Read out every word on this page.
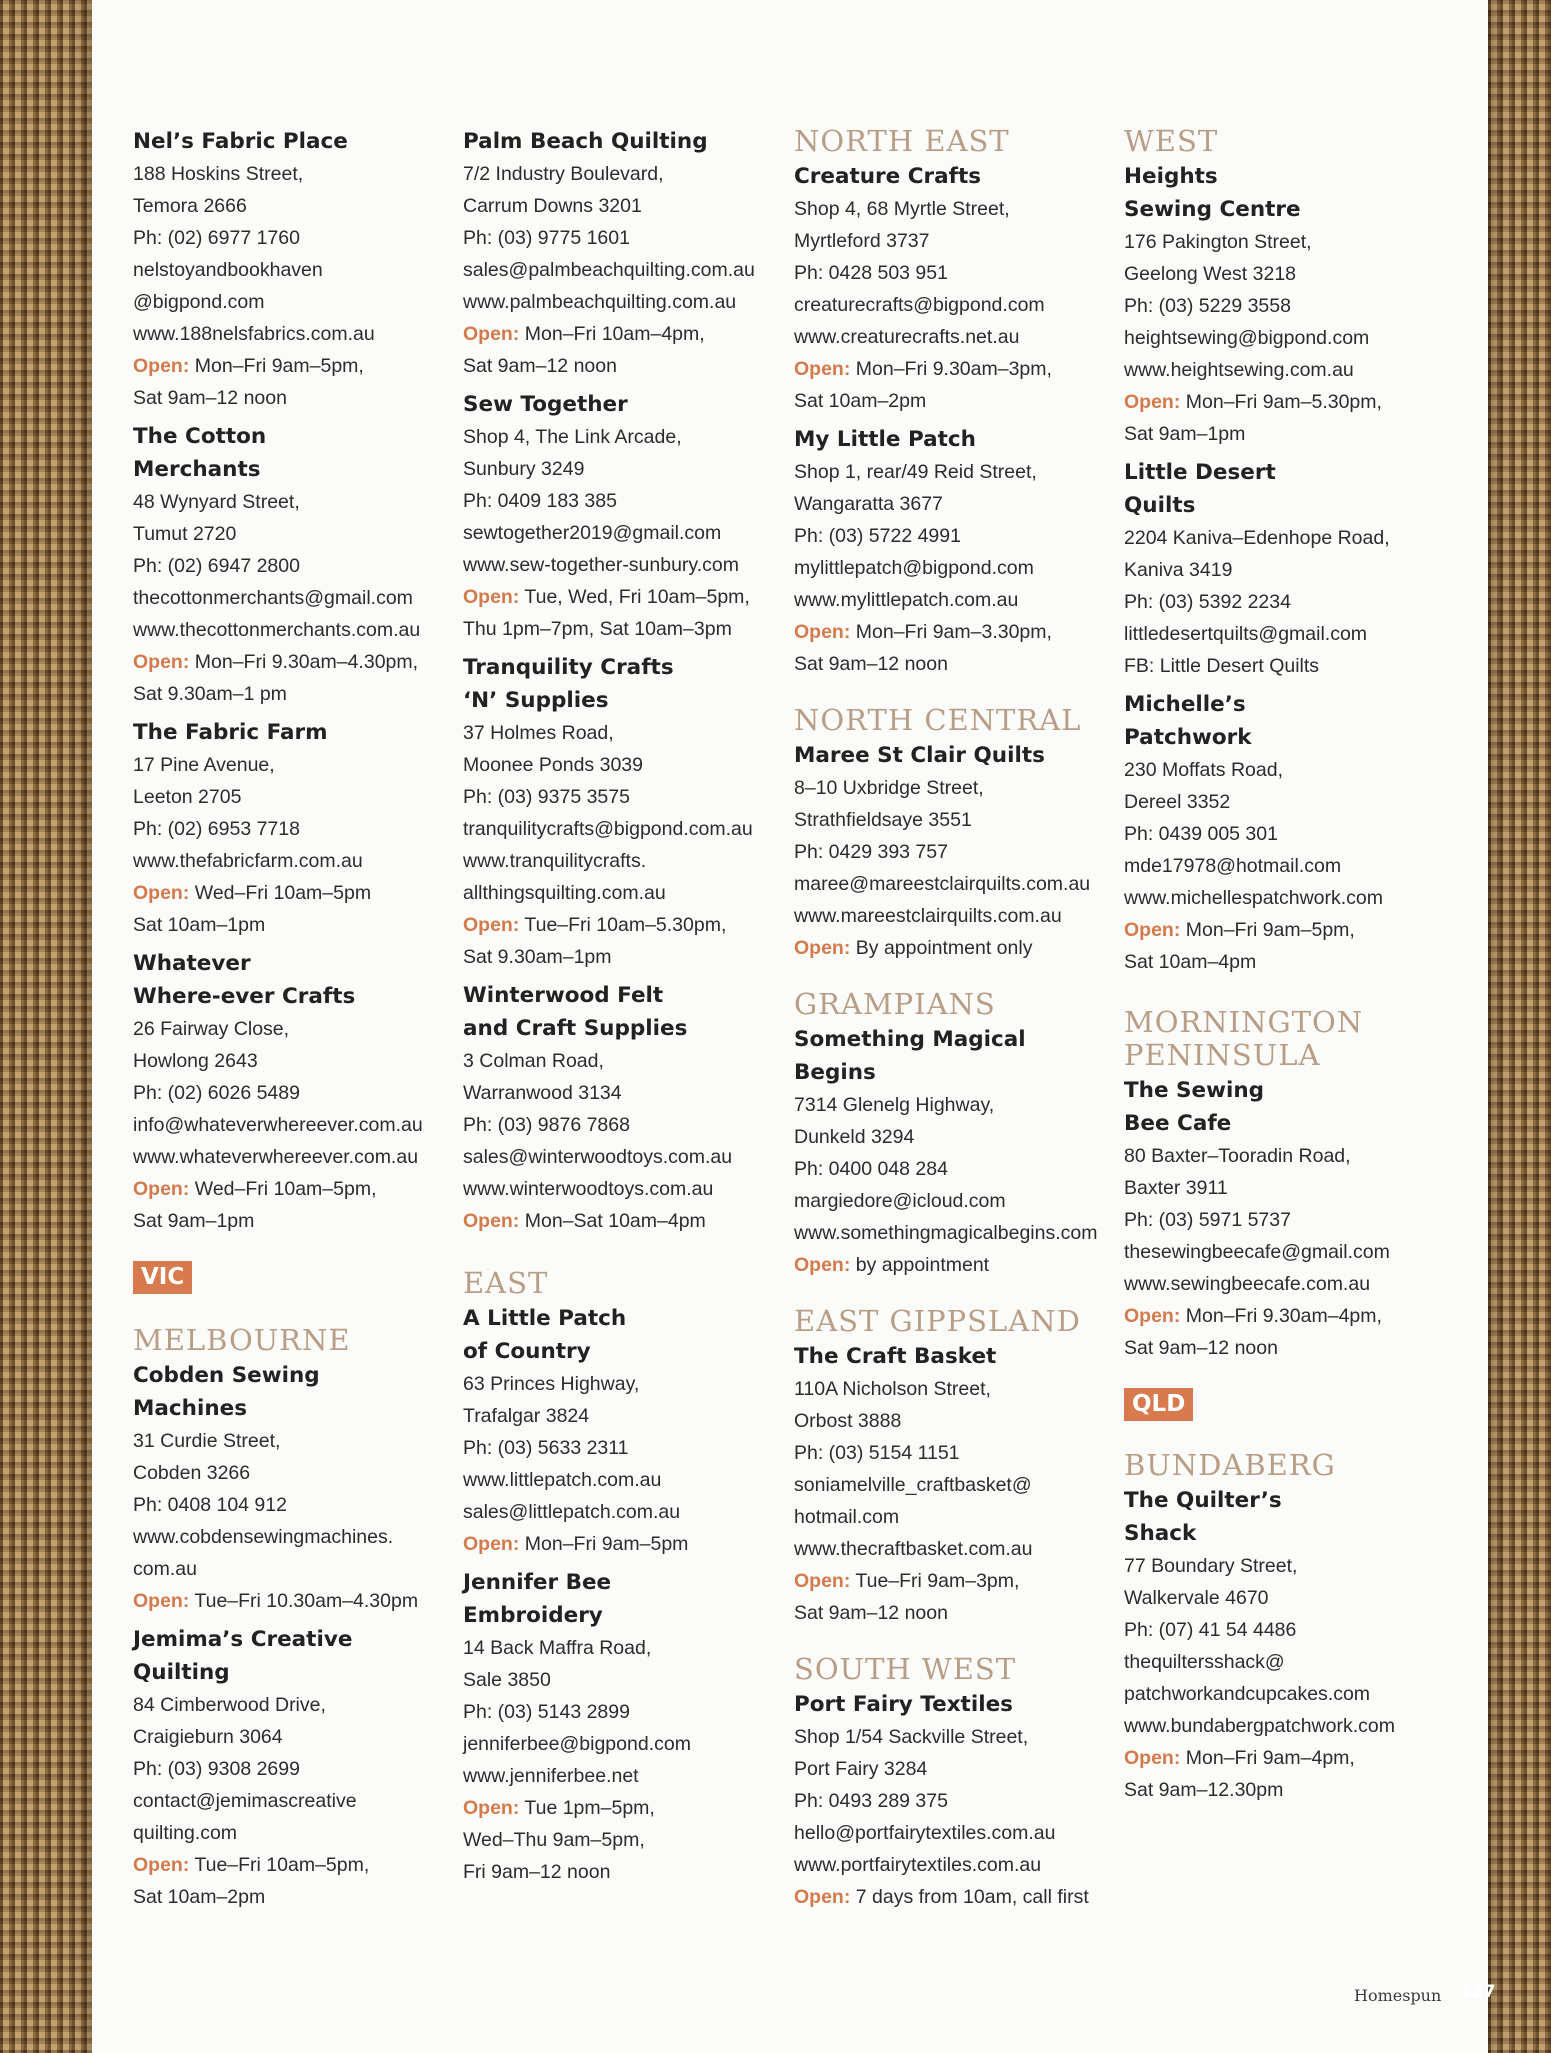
Nel’s Fabric Place
188 Hoskins Street,
Temora 2666
Ph: (02) 6977 1760
nelstoyandbookhaven
@bigpond.com
www.188nelsfabrics.com.au
Open: Mon–Fri 9am–5pm,
Sat 9am–12 noon
The Cotton
Merchants
48 Wynyard Street,
Tumut 2720
Ph: (02) 6947 2800
thecottonmerchants@gmail.com
www.thecottonmerchants.com.au
Open: Mon–Fri 9.30am–4.30pm,
Sat 9.30am–1 pm
The Fabric Farm
17 Pine Avenue,
Leeton 2705
Ph: (02) 6953 7718
www.thefabricfarm.com.au
Open: Wed–Fri 10am–5pm
Sat 10am–1pm
Whatever
Where-ever Crafts
26 Fairway Close,
Howlong 2643
Ph: (02) 6026 5489
info@whateverwhereever.com.au
www.whateverwhereever.com.au
Open: Wed–Fri 10am–5pm,
Sat 9am–1pm
VIC
MELBOURNE
Cobden Sewing
Machines
31 Curdie Street,
Cobden 3266
Ph: 0408 104 912
www.cobdensewingmachines.
com.au
Open: Tue–Fri 10.30am–4.30pm
Jemima’s Creative
Quilting
84 Cimberwood Drive,
Craigieburn 3064
Ph: (03) 9308 2699
contact@jemimascreative
quilting.com
Open: Tue–Fri 10am–5pm,
Sat 10am–2pm
Palm Beach Quilting
7/2 Industry Boulevard,
Carrum Downs 3201
Ph: (03) 9775 1601
sales@palmbeachquilting.com.au
www.palmbeachquilting.com.au
Open: Mon–Fri 10am–4pm,
Sat 9am–12 noon
Sew Together
Shop 4, The Link Arcade,
Sunbury 3249
Ph: 0409 183 385
sewtogether2019@gmail.com
www.sew-together-sunbury.com
Open: Tue, Wed, Fri 10am–5pm,
Thu 1pm–7pm, Sat 10am–3pm
Tranquility Crafts
‘N’ Supplies
37 Holmes Road,
Moonee Ponds 3039
Ph: (03) 9375 3575
tranquilitycrafts@bigpond.com.au
www.tranquilitycrafts.
allthingsquilting.com.au
Open: Tue–Fri 10am–5.30pm,
Sat 9.30am–1pm
Winterwood Felt
and Craft Supplies
3 Colman Road,
Warranwood 3134
Ph: (03) 9876 7868
sales@winterwoodtoys.com.au
www.winterwoodtoys.com.au
Open: Mon–Sat 10am–4pm
EAST
A Little Patch
of Country
63 Princes Highway,
Trafalgar 3824
Ph: (03) 5633 2311
www.littlepatch.com.au
sales@littlepatch.com.au
Open: Mon–Fri 9am–5pm
Jennifer Bee
Embroidery
14 Back Maffra Road,
Sale 3850
Ph: (03) 5143 2899
jenniferbee@bigpond.com
www.jenniferbee.net
Open: Tue 1pm–5pm,
Wed–Thu 9am–5pm,
Fri 9am–12 noon
NORTH EAST
Creature Crafts
Shop 4, 68 Myrtle Street,
Myrtleford 3737
Ph: 0428 503 951
creaturecrafts@bigpond.com
www.creaturecrafts.net.au
Open: Mon–Fri 9.30am–3pm,
Sat 10am–2pm
My Little Patch
Shop 1, rear/49 Reid Street,
Wangaratta 3677
Ph: (03) 5722 4991
mylittlepatch@bigpond.com
www.mylittlepatch.com.au
Open: Mon–Fri 9am–3.30pm,
Sat 9am–12 noon
NORTH CENTRAL
Maree St Clair Quilts
8–10 Uxbridge Street,
Strathfieldsaye 3551
Ph: 0429 393 757
maree@mareestclairquilts.com.au
www.mareestclairquilts.com.au
Open: By appointment only
GRAMPIANS
Something Magical Begins
7314 Glenelg Highway,
Dunkeld 3294
Ph: 0400 048 284
margiedore@icloud.com
www.somethingmagicalbegins.com
Open: by appointment
EAST GIPPSLAND
The Craft Basket
110A Nicholson Street,
Orbost 3888
Ph: (03) 5154 1151
soniamelville_craftbasket@
hotmail.com
www.thecraftbasket.com.au
Open: Tue–Fri 9am–3pm,
Sat 9am–12 noon
SOUTH WEST
Port Fairy Textiles
Shop 1/54 Sackville Street,
Port Fairy 3284
Ph: 0493 289 375
hello@portfairytextiles.com.au
www.portfairytextiles.com.au
Open: 7 days from 10am, call first
WEST
Heights
Sewing Centre
176 Pakington Street,
Geelong West 3218
Ph: (03) 5229 3558
heightsewing@bigpond.com
www.heightsewing.com.au
Open: Mon–Fri 9am–5.30pm,
Sat 9am–1pm
Little Desert
Quilts
2204 Kaniva–Edenhope Road,
Kaniva 3419
Ph: (03) 5392 2234
littledesertquilts@gmail.com
FB: Little Desert Quilts
Michelle’s
Patchwork
230 Moffats Road,
Dereel 3352
Ph: 0439 005 301
mde17978@hotmail.com
www.michellespatchwork.com
Open: Mon–Fri 9am–5pm,
Sat 10am–4pm
MORNINGTON PENINSULA
The Sewing
Bee Cafe
80 Baxter–Tooradin Road,
Baxter 3911
Ph: (03) 5971 5737
thesewingbeecafe@gmail.com
www.sewingbeecafe.com.au
Open: Mon–Fri 9.30am–4pm,
Sat 9am–12 noon
QLD
BUNDABERG
The Quilter’s
Shack
77 Boundary Street,
Walkervale 4670
Ph: (07) 41 54 4486
thequiltersshack@
patchworkandcupcakes.com
www.bundabergpatchwork.com
Open: Mon–Fri 9am–4pm,
Sat 9am–12.30pm
Homespun 127
